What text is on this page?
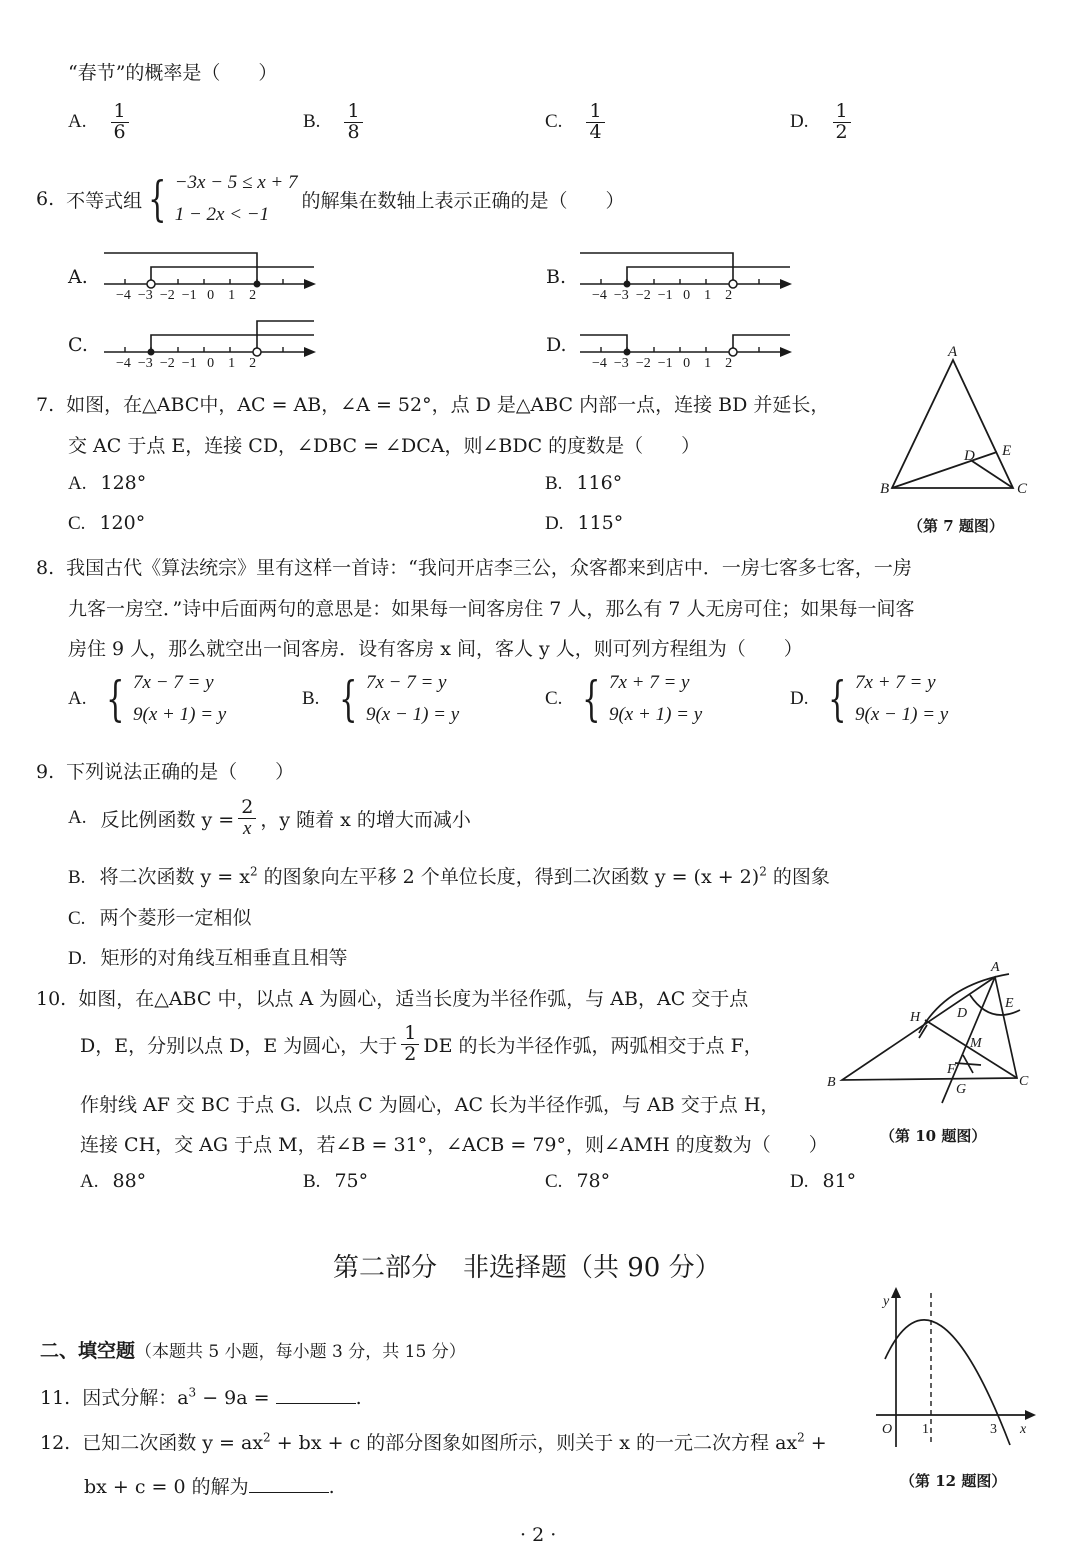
“春节”的概率是（　　）
A. $\frac{1}{6}$	B. $\frac{1}{8}$	C. $\frac{1}{4}$	D. $\frac{1}{2}$
6. 不等式组 { −3x − 5 ≤ x + 7
1 − 2x < −1
的解集在数轴上表示正确的是（　　）
A.
−4 −3 −2 −1 0 1 2
B.
−4 −3 −2 −1 0 1 2
C.
−4 −3 −2 −1 0 1 2
D.
−4 −3 −2 −1 0 1 2
7. 如图，在△ABC中，AC = AB，∠A = 52°，点 D 是△ABC 内部一点，连接 BD 并延长，
交 AC 于点 E，连接 CD，∠DBC = ∠DCA，则∠BDC 的度数是（　　）
A. 128°	B. 116°
C. 120°	D. 115°
A
B	C
D E
（第 7 题图）
8. 我国古代《算法统宗》里有这样一首诗：“我问开店李三公，众客都来到店中．一房七客多七客，一房
九客一房空．”诗中后面两句的意思是：如果每一间客房住 7 人，那么有 7 人无房可住；如果每一间客
房住 9 人，那么就空出一间客房．设有客房 x 间，客人 y 人，则可列方程组为（　　）
A. { 7x − 7 = y
9(x + 1) = y
B. { 7x − 7 = y
9(x − 1) = y
C. { 7x + 7 = y
9(x + 1) = y
D. { 7x + 7 = y
9(x − 1) = y
9. 下列说法正确的是（　　）
A. 反比例函数 $y = \frac{2}{x}$ ，y 随着 x 的增大而减小
B. 将二次函数 $y = x^2$ 的图象向左平移 2 个单位长度，得到二次函数 $y = (x + 2)^2$ 的图象
C. 两个菱形一定相似
D. 矩形的对角线互相垂直且相等
10. 如图，在△ABC 中，以点 A 为圆心，适当长度为半径作弧，与 AB，AC 交于点
D，E，分别以点 D，E 为圆心，大于 $\frac{1}{2}$ DE 的长为半径作弧，两弧相交于点 F，
作射线 AF 交 BC 于点 G．以点 C 为圆心，AC 长为半径作弧，与 AB 交于点 H，
连接 CH，交 AG 于点 M，若∠B = 31°，∠ACB = 79°，则∠AMH 的度数为（　　）
A. 88°	B. 75°	C. 78°	D. 81°
A
B	C
D
E
H
M
F
G
（第 10 题图）
第二部分　非选择题（共 90 分）
二、填空题（本题共 5 小题，每小题 3 分，共 15 分）
11. 因式分解：$a^3 - 9a$ =	.
12. 已知二次函数 $y = ax^2$ + bx + c 的部分图象如图所示，则关于 x 的一元二次方程 $ax^2$ +
bx + c = 0 的解为	.
y
x
O 1	3
（第 12 题图）
· 2 ·
